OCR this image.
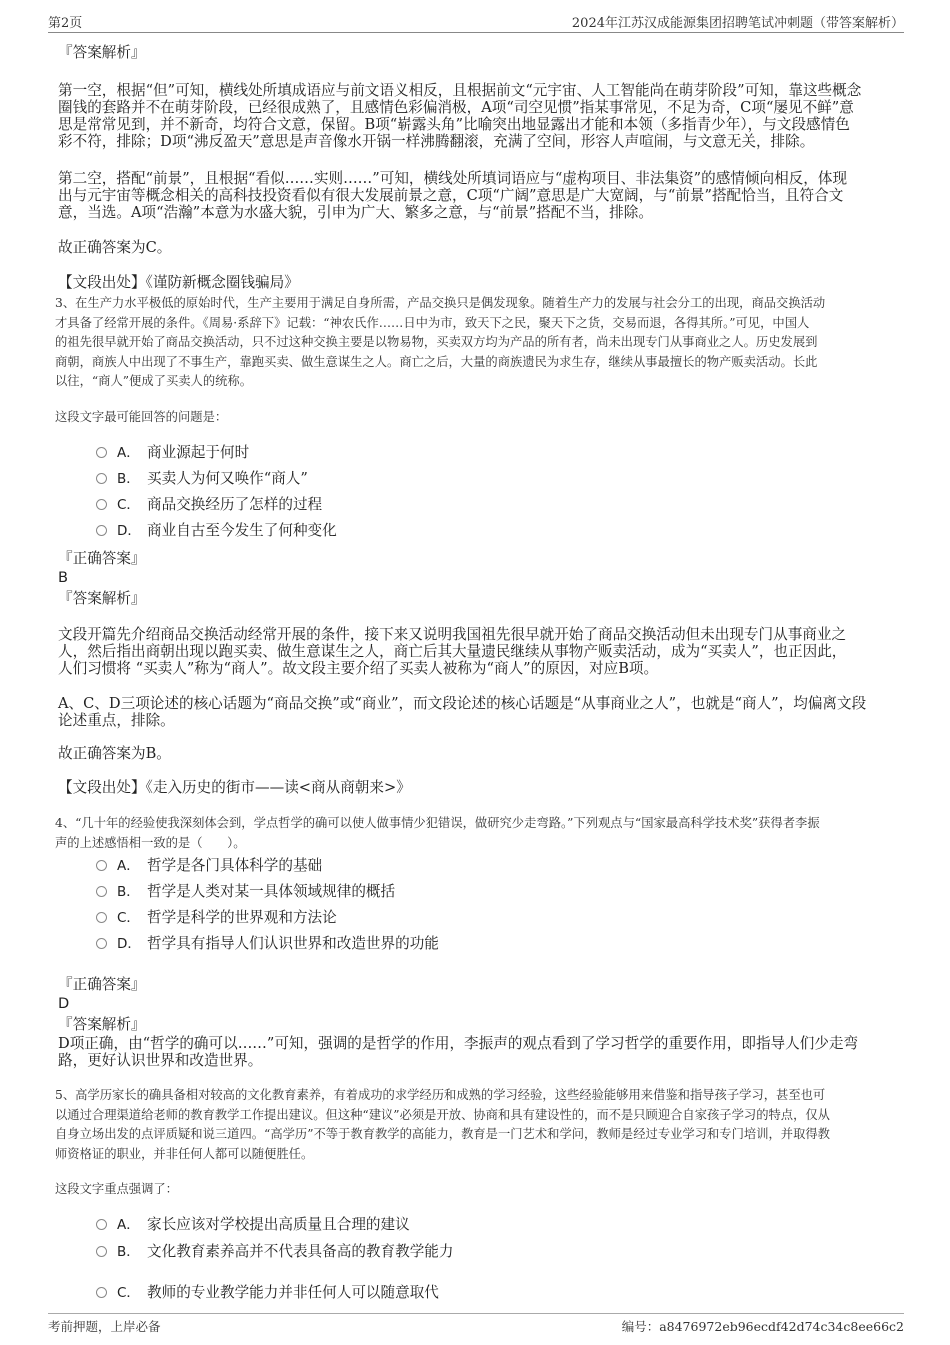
第2页	2024年江苏汉成能源集团招聘笔试冲刺题（带答案解析）
『答案解析』
第一空，根据“但”可知，横线处所填成语应与前文语义相反，且根据前文“元宇宙、人工智能尚在萌芽阶段”可知，靠这些概念
圈钱的套路并不在萌芽阶段，已经很成熟了，且感情色彩偏消极，A项“司空见惯”指某事常见，不足为奇，C项“屡见不鲜”意
思是常常见到，并不新奇，均符合文意，保留。B项“崭露头角”比喻突出地显露出才能和本领（多指青少年），与文段感情色
彩不符，排除；D项“沸反盈天”意思是声音像水开锅一样沸腾翻滚，充满了空间，形容人声喧闹，与文意无关，排除。
第二空，搭配“前景”，且根据“看似……实则……”可知，横线处所填词语应与“虚构项目、非法集资”的感情倾向相反，体现
出与元宇宙等概念相关的高科技投资看似有很大发展前景之意，C项“广阔”意思是广大宽阔，与“前景”搭配恰当，且符合文
意，当选。A项“浩瀚”本意为水盛大貌，引申为广大、繁多之意，与“前景”搭配不当，排除。
故正确答案为C。
【文段出处】《谨防新概念圈钱骗局》
3、在生产力水平极低的原始时代，生产主要用于满足自身所需，产品交换只是偶发现象。随着生产力的发展与社会分工的出现，商品交换活动
才具备了经常开展的条件。《周易·系辞下》记载：“神农氏作……日中为市，致天下之民，聚天下之货，交易而退，各得其所。”可见，中国人
的祖先很早就开始了商品交换活动，只不过这种交换主要是以物易物，买卖双方均为产品的所有者，尚未出现专门从事商业之人。历史发展到
商朝，商族人中出现了不事生产，靠跑买卖、做生意谋生之人。商亡之后，大量的商族遗民为求生存，继续从事最擅长的物产贩卖活动。长此
以往，“商人”便成了买卖人的统称。
这段文字最可能回答的问题是：
A． 商业源起于何时
B． 买卖人为何又唤作“商人”
C． 商品交换经历了怎样的过程
D． 商业自古至今发生了何种变化
『正确答案』
B
『答案解析』
文段开篇先介绍商品交换活动经常开展的条件，接下来又说明我国祖先很早就开始了商品交换活动但未出现专门从事商业之
人，然后指出商朝出现以跑买卖、做生意谋生之人，商亡后其大量遗民继续从事物产贩卖活动，成为“买卖人”，也正因此，
人们习惯将 “买卖人”称为“商人”。故文段主要介绍了买卖人被称为“商人”的原因，对应B项。
A、C、D三项论述的核心话题为“商品交换”或“商业”，而文段论述的核心话题是“从事商业之人”，也就是“商人”，均偏离文段
论述重点，排除。
故正确答案为B。
【文段出处】《走入历史的街市——读<商从商朝来>》
4、“几十年的经验使我深刻体会到，学点哲学的确可以使人做事情少犯错误，做研究少走弯路。”下列观点与“国家最高科学技术奖”获得者李振
声的上述感悟相一致的是（　　）。
A． 哲学是各门具体科学的基础
B． 哲学是人类对某一具体领域规律的概括
C． 哲学是科学的世界观和方法论
D． 哲学具有指导人们认识世界和改造世界的功能
『正确答案』
D
『答案解析』
D项正确，由“哲学的确可以……”可知，强调的是哲学的作用，李振声的观点看到了学习哲学的重要作用，即指导人们少走弯
路，更好认识世界和改造世界。
5、高学历家长的确具备相对较高的文化教育素养，有着成功的求学经历和成熟的学习经验，这些经验能够用来借鉴和指导孩子学习，甚至也可
以通过合理渠道给老师的教育教学工作提出建议。但这种“建议”必须是开放、协商和具有建设性的，而不是只顾迎合自家孩子学习的特点，仅从
自身立场出发的点评质疑和说三道四。“高学历”不等于教育教学的高能力，教育是一门艺术和学问，教师是经过专业学习和专门培训，并取得教
师资格证的职业，并非任何人都可以随便胜任。
这段文字重点强调了：
A． 家长应该对学校提出高质量且合理的建议
B． 文化教育素养高并不代表具备高的教育教学能力
C． 教师的专业教学能力并非任何人可以随意取代
考前押题，上岸必备	编号：a8476972eb96ecdf42d74c34c8ee66c2
